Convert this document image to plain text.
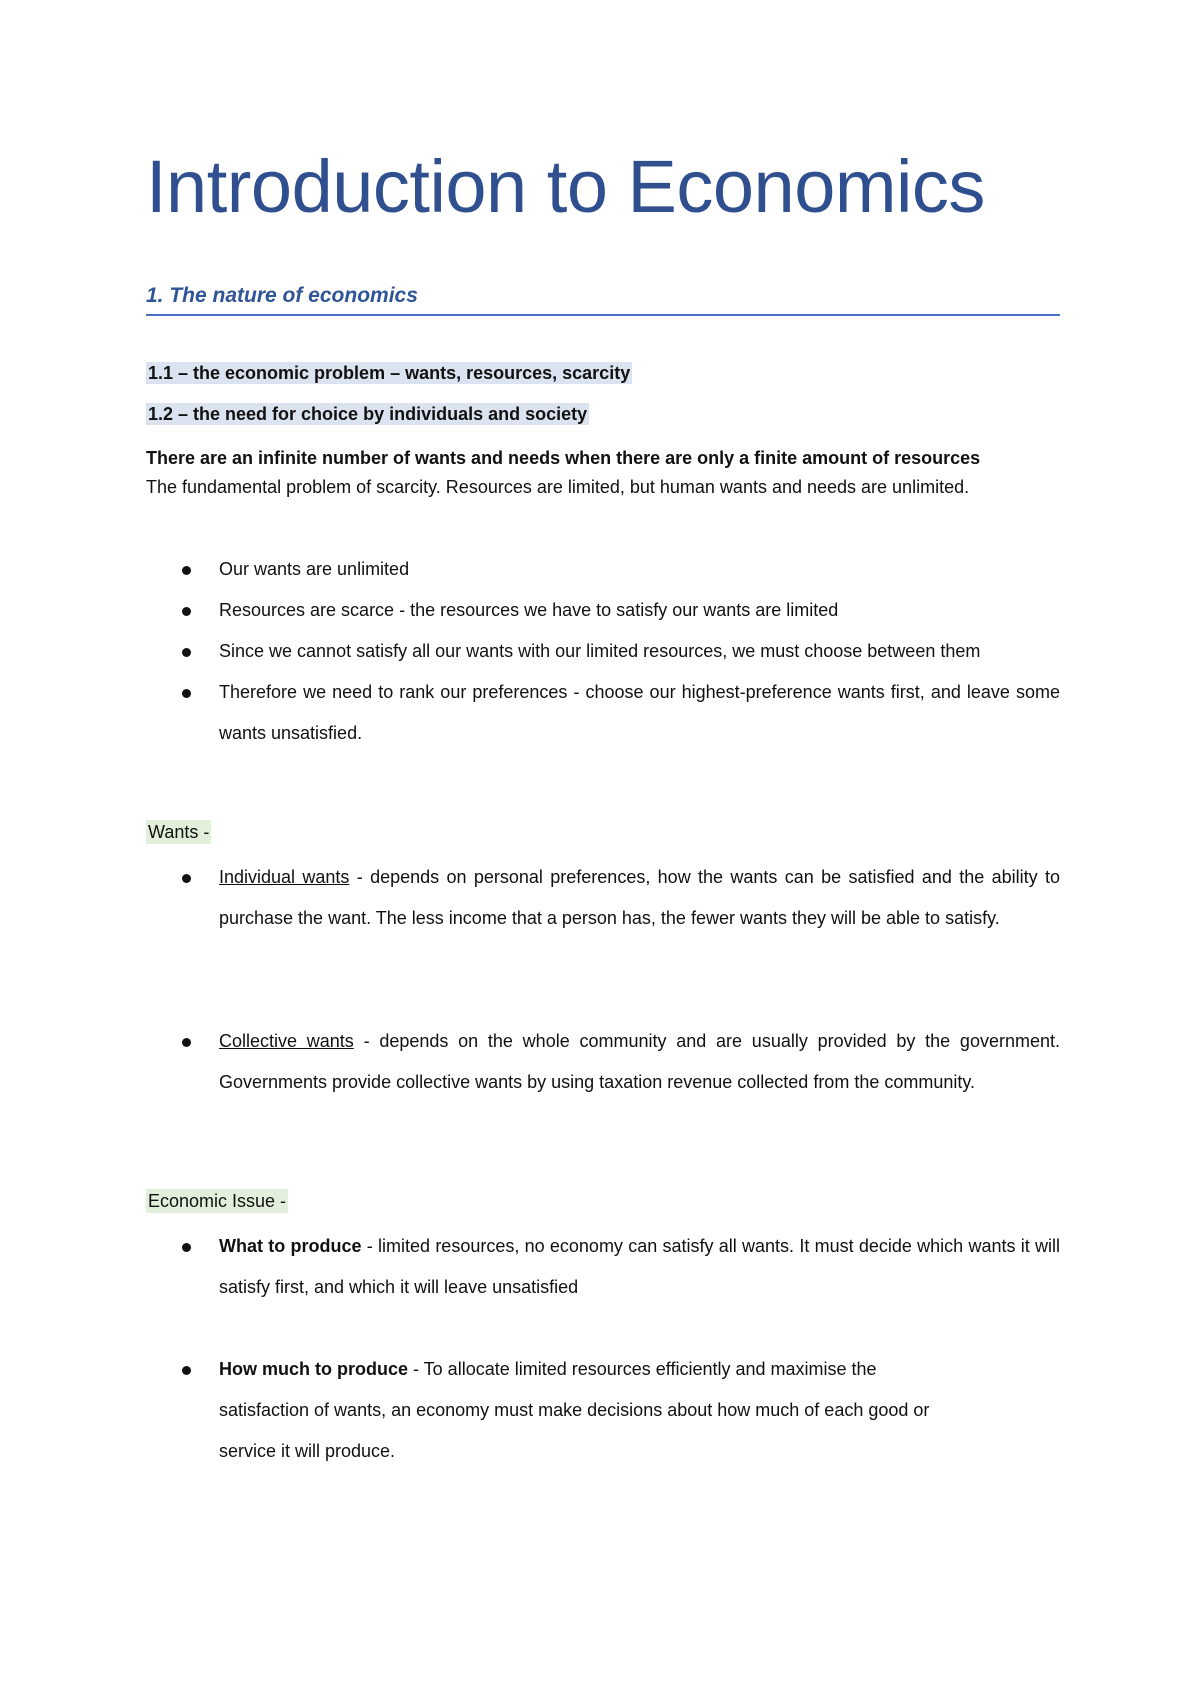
Introduction to Economics
1. The nature of economics

1.1 – the economic problem – wants, resources, scarcity

1.2 – the need for choice by individuals and society

There are an infinite number of wants and needs when there are only a finite amount of resources
The fundamental problem of scarcity. Resources are limited, but human wants and needs are unlimited.

Our wants are unlimited
Resources are scarce - the resources we have to satisfy our wants are limited
Since we cannot satisfy all our wants with our limited resources, we must choose between them
Therefore we need to rank our preferences - choose our highest-preference wants first, and leave some wants unsatisfied.

Wants -

Individual wants - depends on personal preferences, how the wants can be satisfied and the ability to purchase the want. The less income that a person has, the fewer wants they will be able to satisfy.
Collective wants - depends on the whole community and are usually provided by the government. Governments provide collective wants by using taxation revenue collected from the community.

Economic Issue -

What to produce - limited resources, no economy can satisfy all wants. It must decide which wants it will satisfy first, and which it will leave unsatisfied
How much to produce - To allocate limited resources efficiently and maximise the satisfaction of wants, an economy must make decisions about how much of each good or service it will produce.
